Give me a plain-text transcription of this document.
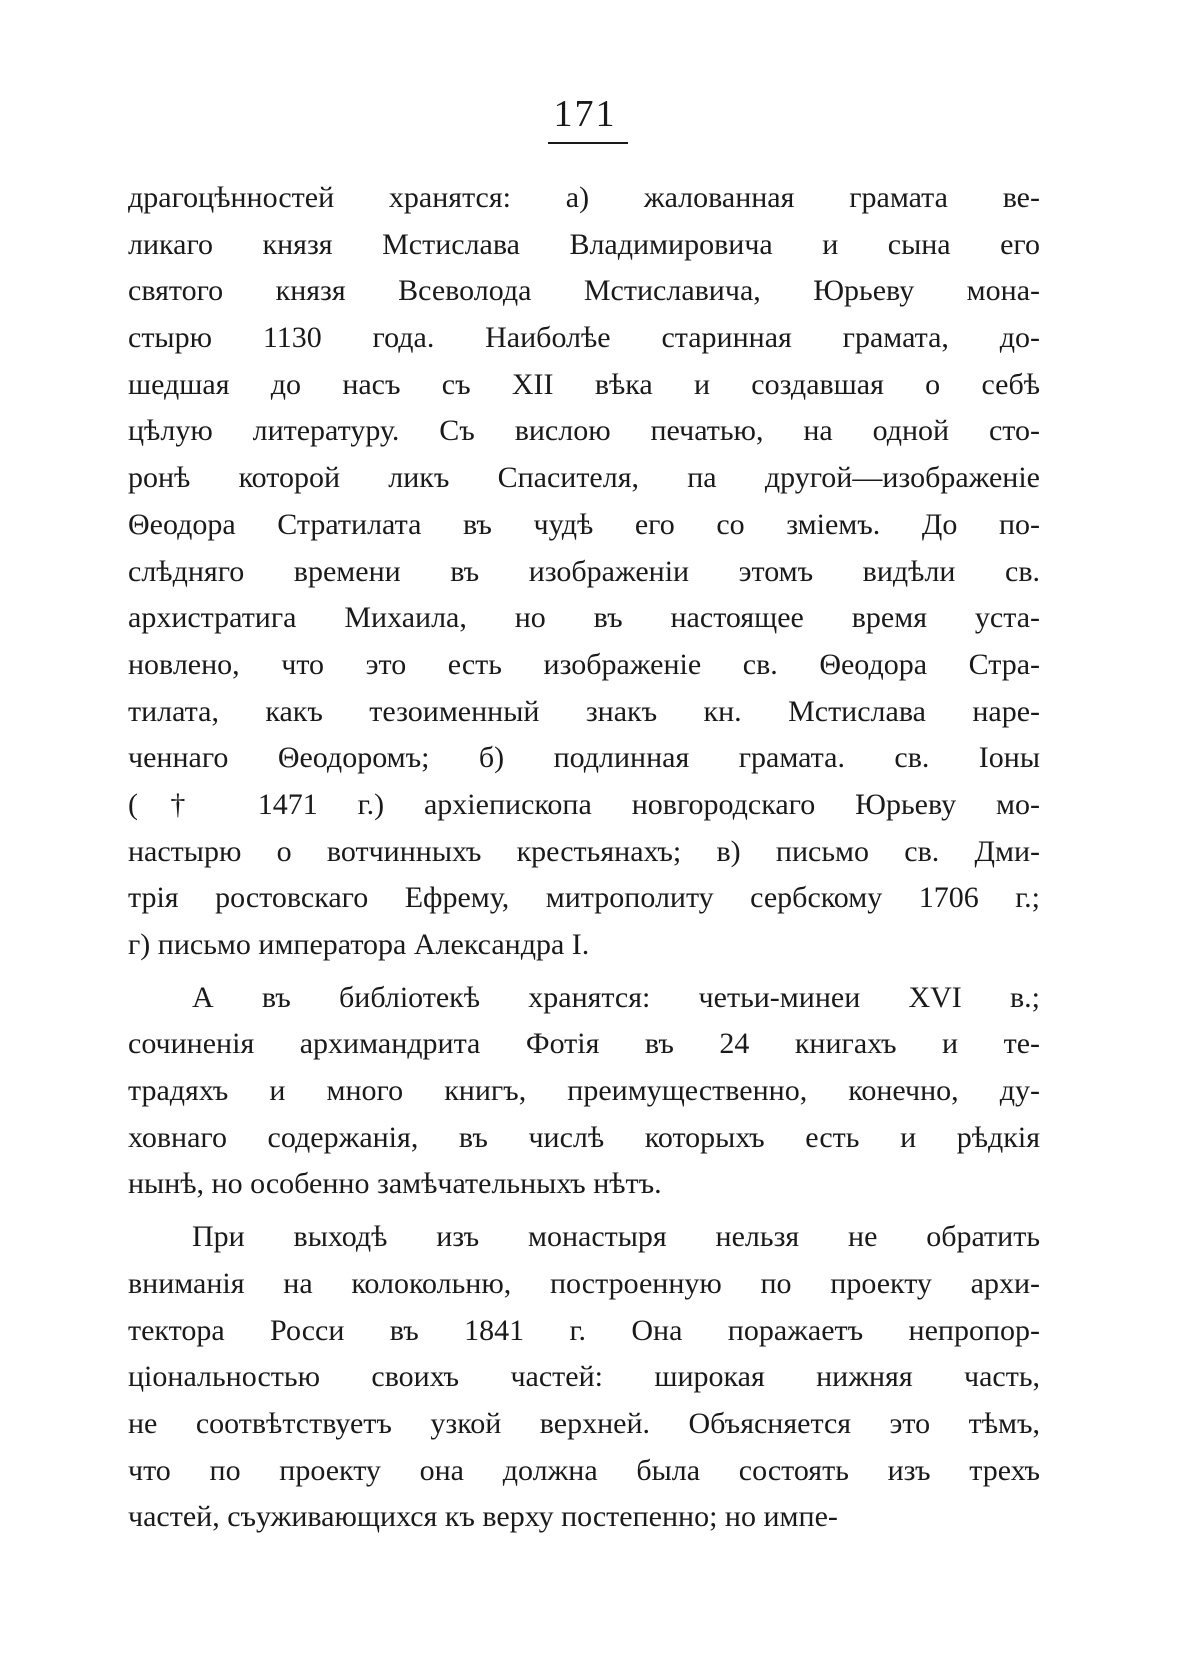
171
драгоцѣнностей хранятся: а) жалованная грамата ве-
ликаго князя Мстислава Владимировича и сына его
святого князя Всеволода Мстиславича, Юрьеву мона-
стырю 1130 года. Наиболѣе старинная грамата, до-
шедшая до насъ съ XII вѣка и создавшая о себѣ
цѣлую литературу. Съ вислою печатью, на одной сто-
ронѣ которой ликъ Спасителя, па другой—изображеніе
Θеодора Стратилата въ чудѣ его со зміемъ. До по-
слѣдняго времени въ изображеніи этомъ видѣли св.
архистратига Михаила, но въ настоящее время уста-
новлено, что это есть изображеніе св. Θеодора Стра-
тилата, какъ тезоименный знакъ кн. Мстислава наре-
ченнаго Θеодоромъ; б) подлинная грамата. св. Іоны
(† 1471 г.) архіепископа новгородскаго Юрьеву мо-
настырю о вотчинныхъ крестьянахъ; в) письмо св. Дми-
трія ростовскаго Ефрему, митрополиту сербскому 1706 г.;
г) письмо императора Александра I.
А въ библіотекѣ хранятся: четьи-минеи XVI в.;
сочиненія архимандрита Фотія въ 24 книгахъ и те-
традяхъ и много книгъ, преимущественно, конечно, ду-
ховнаго содержанія, въ числѣ которыхъ есть и рѣдкія
нынѣ, но особенно замѣчательныхъ нѣтъ.
При выходѣ изъ монастыря нельзя не обратить
вниманія на колокольню, построенную по проекту архи-
тектора Росси въ 1841 г. Она поражаетъ непропор-
ціональностью своихъ частей: широкая нижняя часть,
не соотвѣтствуетъ узкой верхней. Объясняется это тѣмъ,
что по проекту она должна была состоять изъ трехъ
частей, съуживающихся къ верху постепенно; но импе-
